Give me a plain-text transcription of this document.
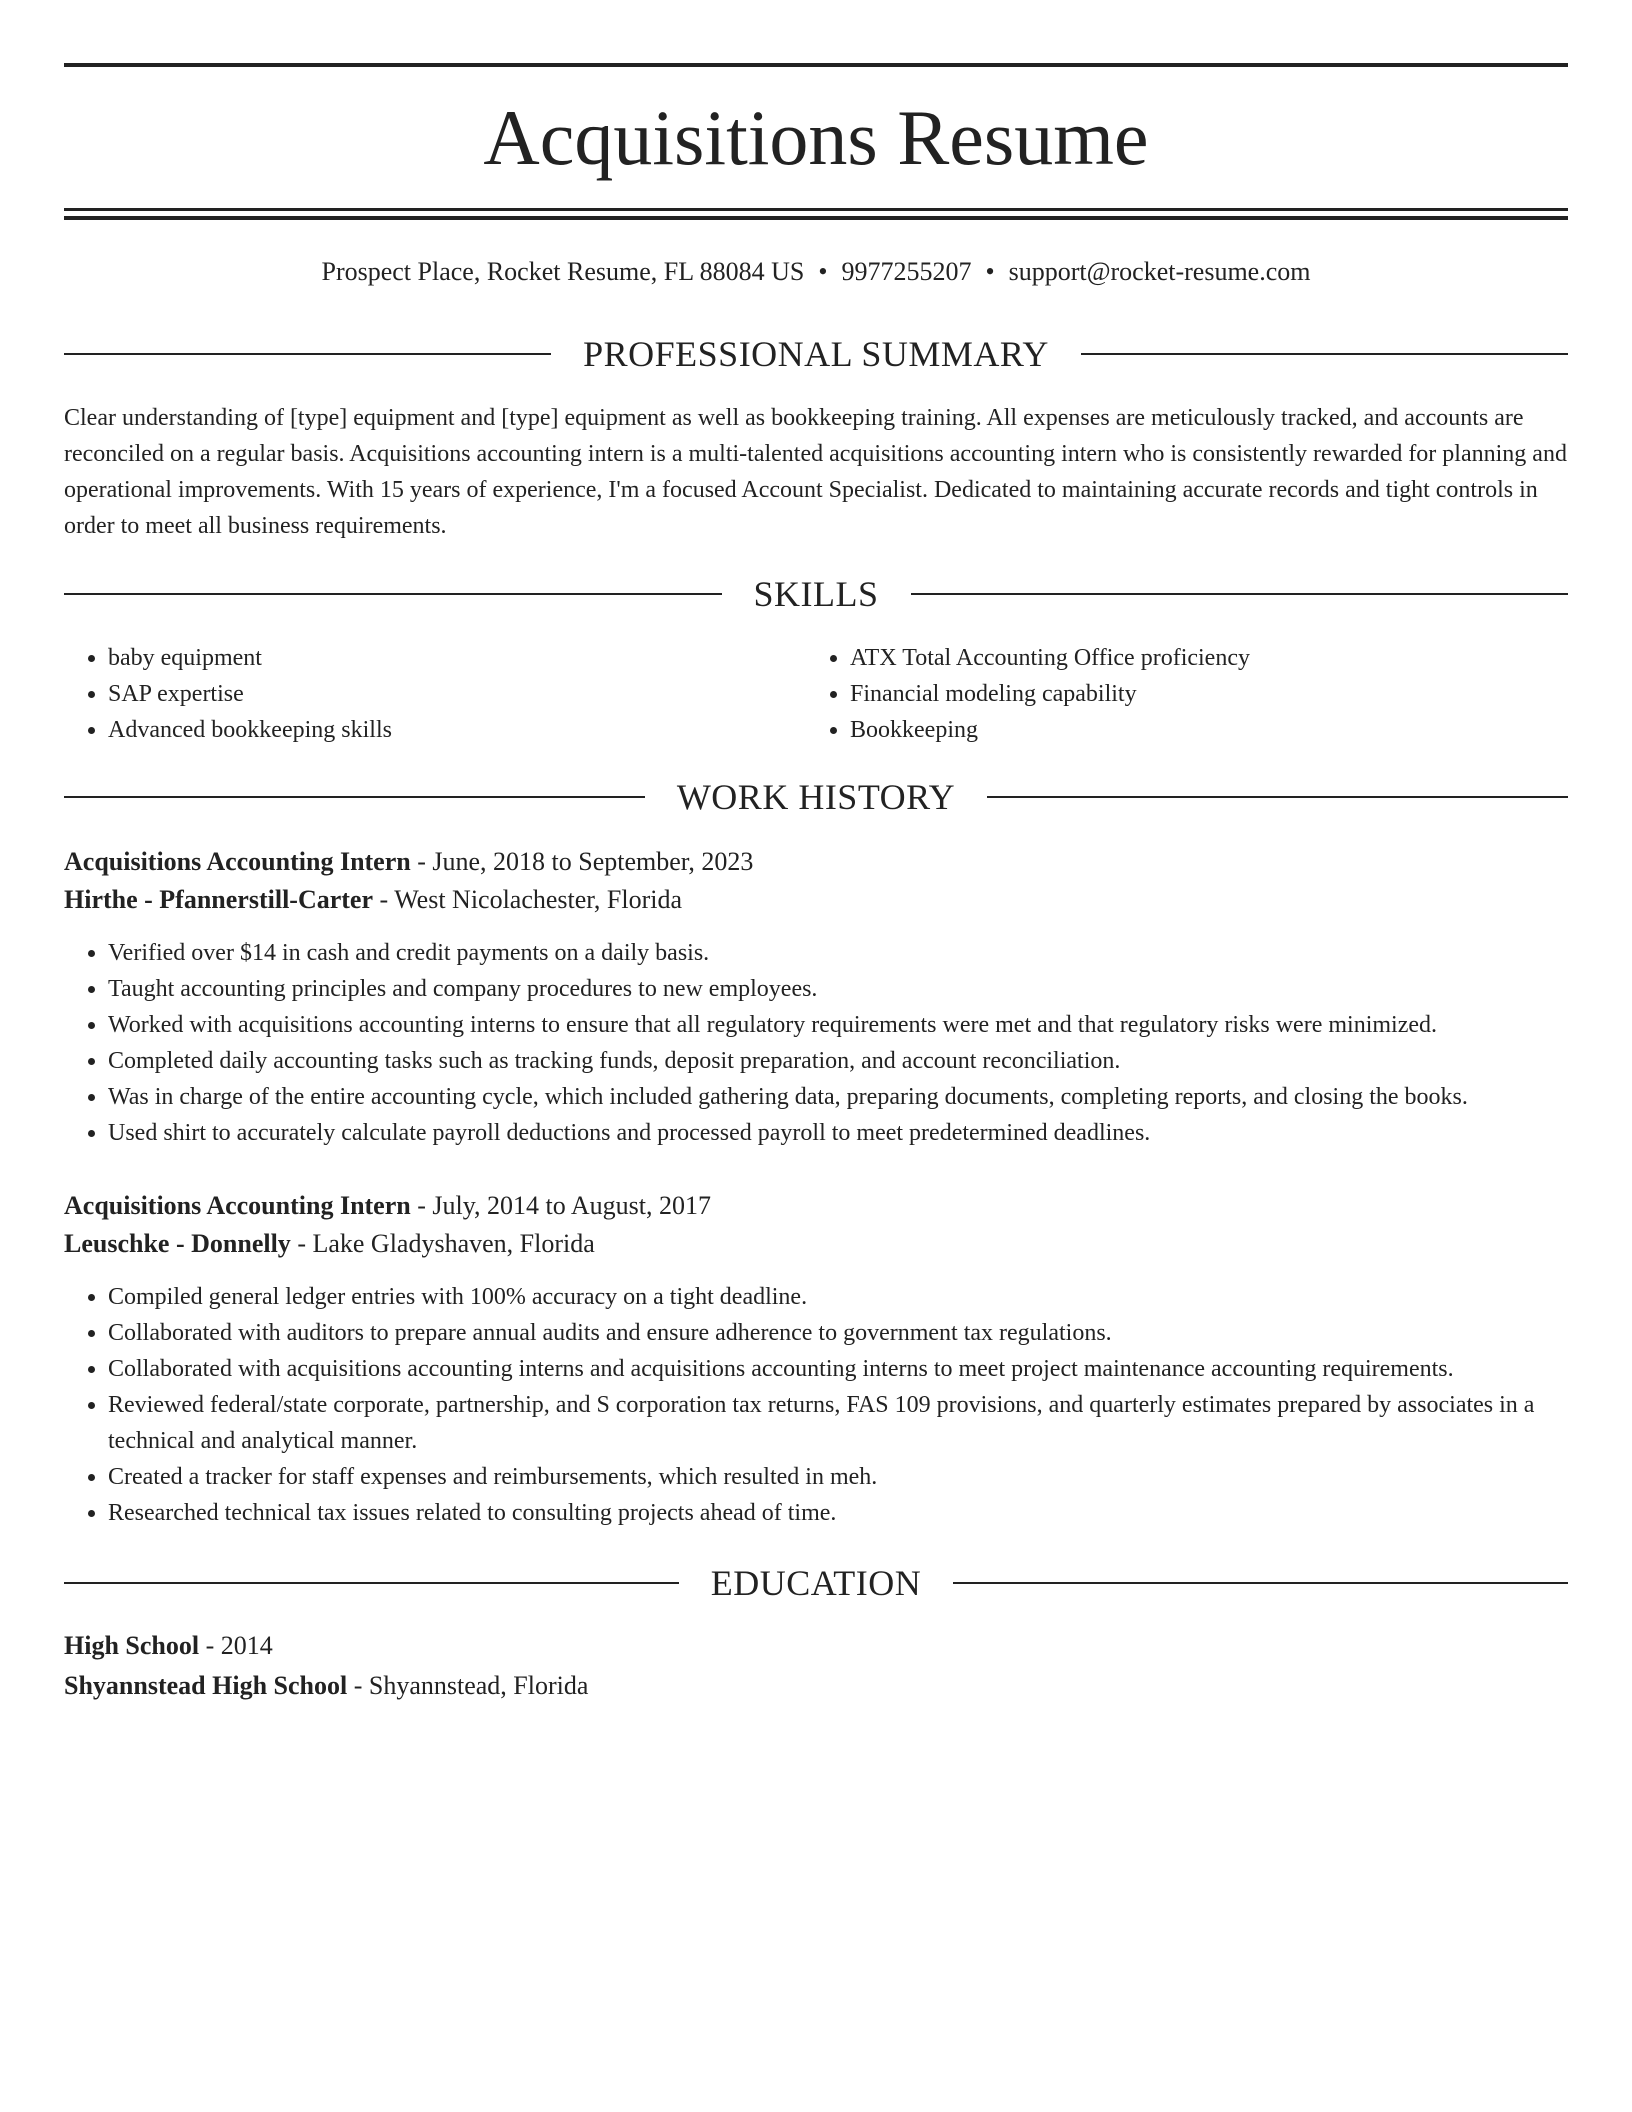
Acquisitions Resume
Prospect Place, Rocket Resume, FL 88084 US • 9977255207 • support@rocket-resume.com
PROFESSIONAL SUMMARY

Clear understanding of [type] equipment and [type] equipment as well as bookkeeping training. All expenses are meticulously tracked, and accounts are reconciled on a regular basis. Acquisitions accounting intern is a multi-talented acquisitions accounting intern who is consistently rewarded for planning and operational improvements. With 15 years of experience, I'm a focused Account Specialist. Dedicated to maintaining accurate records and tight controls in order to meet all business requirements.

SKILLS
• baby equipment
• SAP expertise
• Advanced bookkeeping skills
• ATX Total Accounting Office proficiency
• Financial modeling capability
• Bookkeeping
WORK HISTORY
Acquisitions Accounting Intern - June, 2018 to September, 2023
Hirthe - Pfannerstill-Carter - West Nicolachester, Florida
• Verified over $14 in cash and credit payments on a daily basis.
• Taught accounting principles and company procedures to new employees.
• Worked with acquisitions accounting interns to ensure that all regulatory requirements were met and that regulatory risks were minimized.
• Completed daily accounting tasks such as tracking funds, deposit preparation, and account reconciliation.
• Was in charge of the entire accounting cycle, which included gathering data, preparing documents, completing reports, and closing the books.
• Used shirt to accurately calculate payroll deductions and processed payroll to meet predetermined deadlines.
Acquisitions Accounting Intern - July, 2014 to August, 2017
Leuschke - Donnelly - Lake Gladyshaven, Florida
• Compiled general ledger entries with 100% accuracy on a tight deadline.
• Collaborated with auditors to prepare annual audits and ensure adherence to government tax regulations.
• Collaborated with acquisitions accounting interns and acquisitions accounting interns to meet project maintenance accounting requirements.
• Reviewed federal/state corporate, partnership, and S corporation tax returns, FAS 109 provisions, and quarterly estimates prepared by associates in a technical and analytical manner.
• Created a tracker for staff expenses and reimbursements, which resulted in meh.
• Researched technical tax issues related to consulting projects ahead of time.
EDUCATION
High School - 2014
Shyannstead High School - Shyannstead, Florida
